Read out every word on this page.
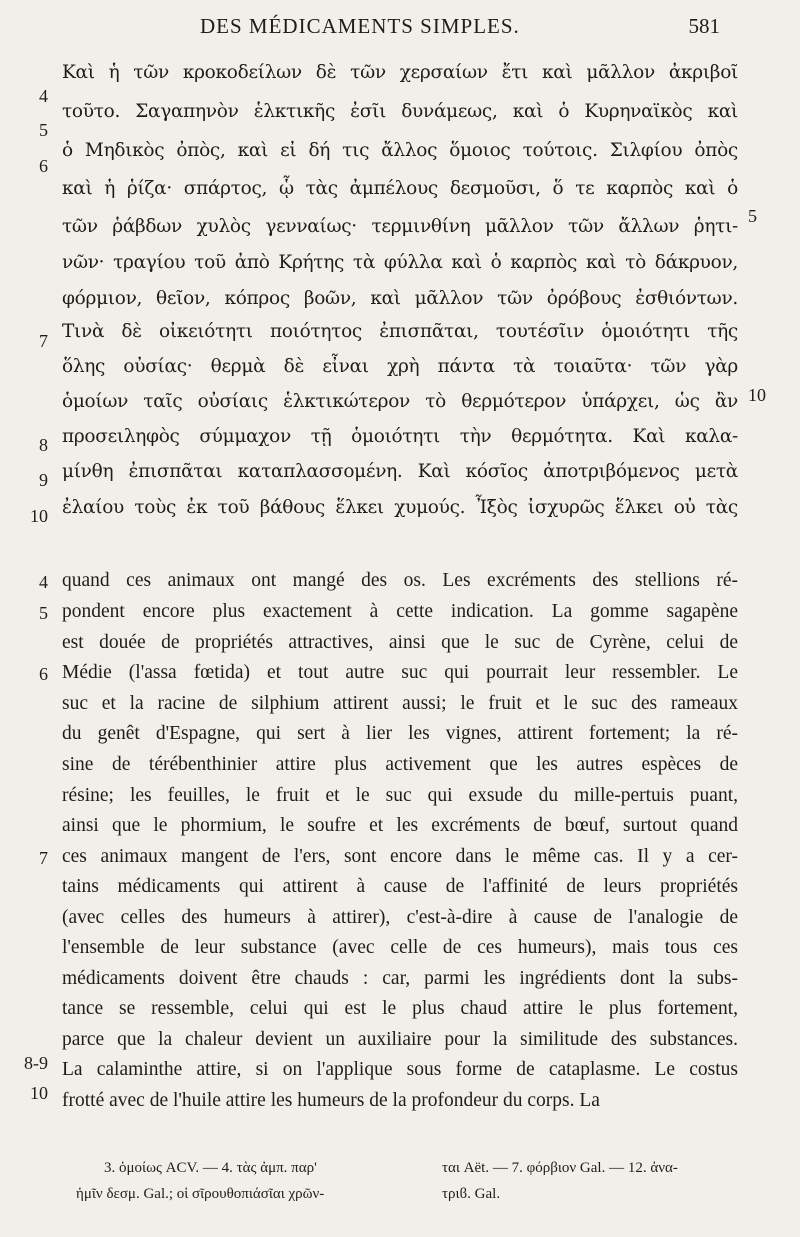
DES MÉDICAMENTS SIMPLES.	581
Καὶ ἡ τῶν κροκοδείλων δὲ τῶν χερσαίων ἔτι καὶ μᾶλλον ἀκριβοῖ
τοῦτο. Σαγαπηνὸν ἑλκτικῆς ἐσῖι δυνάμεως, καὶ ὁ Κυρηναϊκὸς καὶ
ὁ Μηδικὸς ὀπὸς, καὶ εἰ δή τις ἄλλος ὅμοιος τούτοις. Σιλφίου ὀπὸς
καὶ ἡ ῥίζα· σπάρτος, ᾧ τὰς ἀμπέλους δεσμοῦσι, ὅ τε καρπὸς καὶ ὁ
τῶν ῥάβδων χυλὸς γενναίως· τερμινθίνη μᾶλλον τῶν ἄλλων ῥητι-
νῶν· τραγίου τοῦ ἀπὸ Κρήτης τὰ φύλλα καὶ ὁ καρπὸς καὶ τὸ δάκρυον,
φόρμιον, θεῖον, κόπρος βοῶν, καὶ μᾶλλον τῶν ὀρόβους ἐσθιόντων.
Τινὰ δὲ οἰκειότητι ποιότητος ἐπισπᾶται, τουτέσῖιν ὁμοιότητι τῆς
ὅλης οὐσίας· θερμὰ δὲ εἶναι χρὴ πάντα τὰ τοιαῦτα· τῶν γὰρ
ὁμοίων ταῖς οὐσίαις ἑλκτικώτερον τὸ θερμότερον ὑπάρχει, ὡς ἂν
προσειληφὸς σύμμαχον τῇ ὁμοιότητι τὴν θερμότητα. Καὶ καλα-
μίνθη ἐπισπᾶται καταπλασσομένη. Καὶ κόσῖος ἀποτριβόμενος μετὰ
ἐλαίου τοὺς ἐκ τοῦ βάθους ἕλκει χυμούς. Ἶξὸς ἰσχυρῶς ἕλκει οὐ τὰς
4
5
6
7
8
9
10
5
10
quand ces animaux ont mangé des os. Les excréments des stellions ré-
pondent encore plus exactement à cette indication. La gomme sagapène
est douée de propriétés attractives, ainsi que le suc de Cyrène, celui de
Médie (l'assa fœtida) et tout autre suc qui pourrait leur ressembler. Le
suc et la racine de silphium attirent aussi; le fruit et le suc des rameaux
du genêt d'Espagne, qui sert à lier les vignes, attirent fortement; la ré-
sine de térébenthinier attire plus activement que les autres espèces de
résine; les feuilles, le fruit et le suc qui exsude du mille-pertuis puant,
ainsi que le phormium, le soufre et les excréments de bœuf, surtout quand
ces animaux mangent de l'ers, sont encore dans le même cas. Il y a cer-
tains médicaments qui attirent à cause de l'affinité de leurs propriétés
(avec celles des humeurs à attirer), c'est-à-dire à cause de l'analogie de
l'ensemble de leur substance (avec celle de ces humeurs), mais tous ces
médicaments doivent être chauds : car, parmi les ingrédients dont la subs-
tance se ressemble, celui qui est le plus chaud attire le plus fortement,
parce que la chaleur devient un auxiliaire pour la similitude des substances.
La calaminthe attire, si on l'applique sous forme de cataplasme. Le costus
frotté avec de l'huile attire les humeurs de la profondeur du corps. La
4
5
6
7
8-9
10
3. ὁμοίως ACV. — 4. τὰς ἀμπ. παρ'
ἡμῖν δεσμ. Gal.; οἱ σῖρουθοπιάσῖαι χρῶν-
ται Aët. — 7. φόρβιον Gal. — 12. ἀνα-
τριϐ. Gal.
